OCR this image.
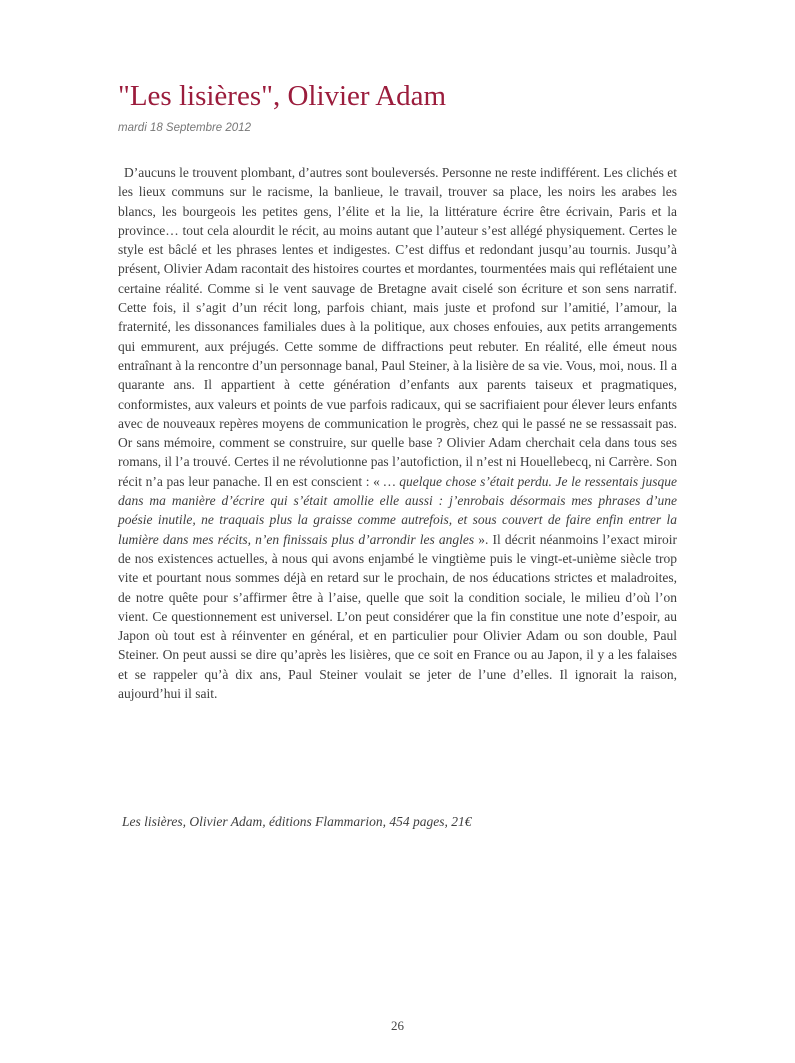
"Les lisières", Olivier Adam
mardi 18 Septembre 2012

D’aucuns le trouvent plombant, d’autres sont bouleversés. Personne ne reste indifférent. Les clichés et les lieux communs sur le racisme, la banlieue, le travail, trouver sa place, les noirs les arabes les blancs, les bourgeois les petites gens, l’élite et la lie, la littérature écrire être écrivain, Paris et la province… tout cela alourdit le récit, au moins autant que l’auteur s’est allégé physiquement. Certes le style est bâclé et les phrases lentes et indigestes. C’est diffus et redondant jusqu’au tournis. Jusqu’à présent, Olivier Adam racontait des histoires courtes et mordantes, tourmentées mais qui reflétaient une certaine réalité. Comme si le vent sauvage de Bretagne avait ciselé son écriture et son sens narratif. Cette fois, il s’agit d’un récit long, parfois chiant, mais juste et profond sur l’amitié, l’amour, la fraternité, les dissonances familiales dues à la politique, aux choses enfouies, aux petits arrangements qui emmurent, aux préjugés. Cette somme de diffractions peut rebuter. En réalité, elle émeut nous entraînant à la rencontre d’un personnage banal, Paul Steiner, à la lisière de sa vie. Vous, moi, nous. Il a quarante ans. Il appartient à cette génération d’enfants aux parents taiseux et pragmatiques, conformistes, aux valeurs et points de vue parfois radicaux, qui se sacrifiaient pour élever leurs enfants avec de nouveaux repères moyens de communication le progrès, chez qui le passé ne se ressassait pas. Or sans mémoire, comment se construire, sur quelle base ? Olivier Adam cherchait cela dans tous ses romans, il l’a trouvé. Certes il ne révolutionne pas l’autofiction, il n’est ni Houellebecq, ni Carrère. Son récit n’a pas leur panache. Il en est conscient : « … quelque chose s’était perdu. Je le ressentais jusque dans ma manière d’écrire qui s’était amollie elle aussi : j’enrobais désormais mes phrases d’une poésie inutile, ne traquais plus la graisse comme autrefois, et sous couvert de faire enfin entrer la lumière dans mes récits, n’en finissais plus d’arrondir les angles ». Il décrit néanmoins l’exact miroir de nos existences actuelles, à nous qui avons enjambé le vingtième puis le vingt-et-unième siècle trop vite et pourtant nous sommes déjà en retard sur le prochain, de nos éducations strictes et maladroites, de notre quête pour s’affirmer être à l’aise, quelle que soit la condition sociale, le milieu d’où l’on vient. Ce questionnement est universel. L’on peut considérer que la fin constitue une note d’espoir, au Japon où tout est à réinventer en général, et en particulier pour Olivier Adam ou son double, Paul Steiner. On peut aussi se dire qu’après les lisières, que ce soit en France ou au Japon, il y a les falaises et se rappeler qu’à dix ans, Paul Steiner voulait se jeter de l’une d’elles. Il ignorait la raison, aujourd’hui il sait.

Les lisières, Olivier Adam, éditions Flammarion, 454 pages, 21€
26
